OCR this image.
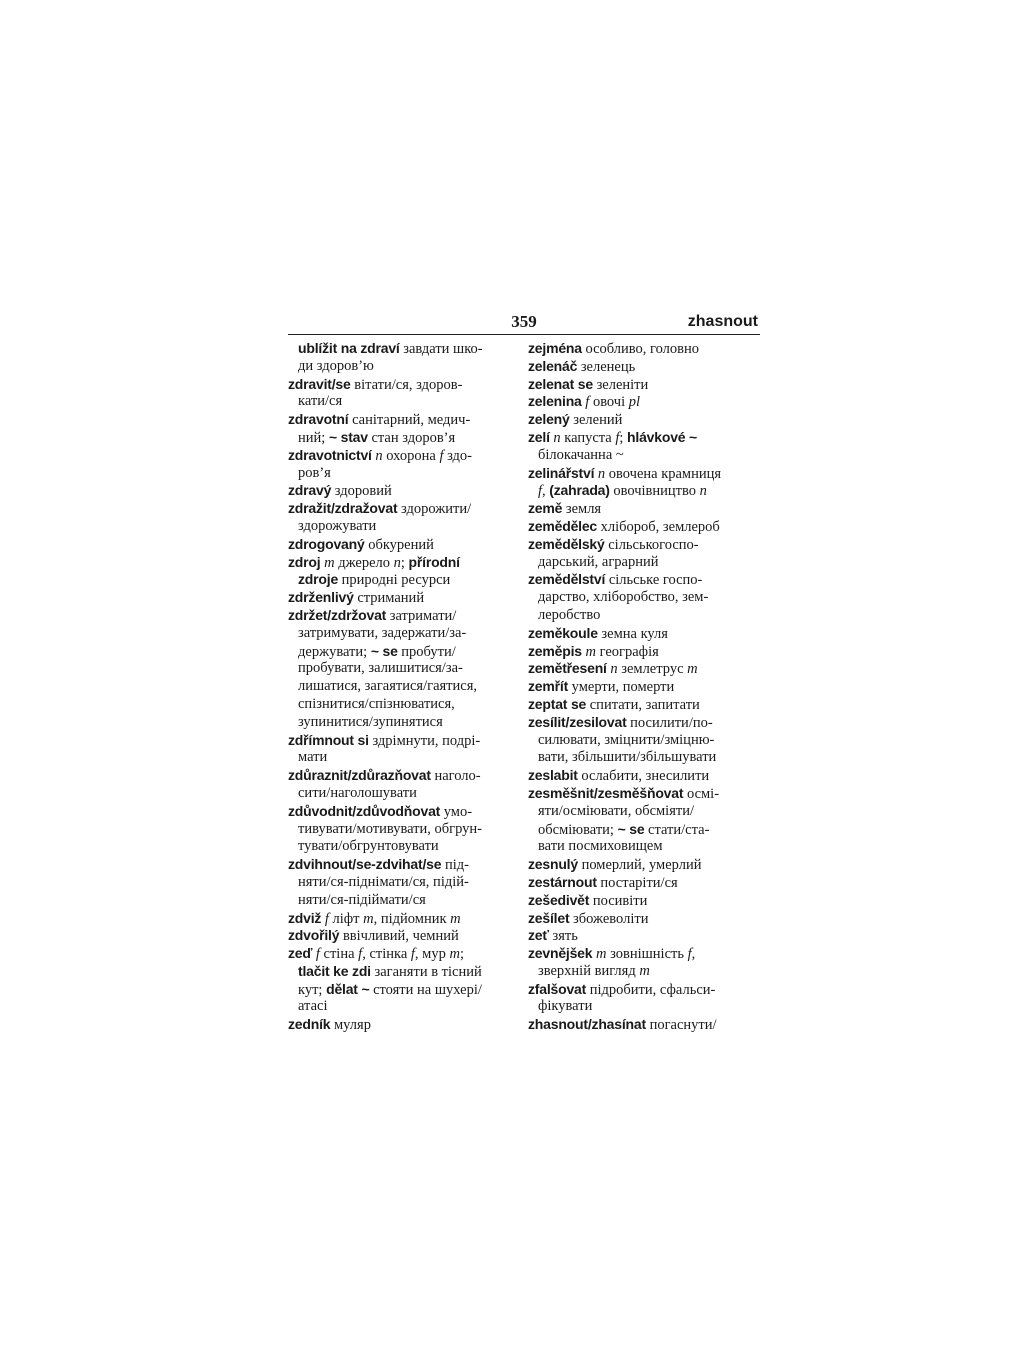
359	zhasnout
ublížit na zdraví завдати шко-
ди здоров’ю
zdravit/se вітати/ся, здоров-
кати/ся
zdravotní санітарний, медич-
ний; ~ stav стан здоров’я
zdravotnictví n охорона f здо-
ров’я
zdravý здоровий
zdražit/zdražovat здорожити/
здорожувати
zdrogovaný обкурений
zdroj m джерело n; přírodní
zdroje природні ресурси
zdrženlivý стриманий
zdržet/zdržovat затримати/
затримувати, задержати/за-
держувати; ~ se пробути/
пробувати, залишитися/за-
лишатися, загаятися/гаятися,
спізнитися/спізнюватися,
зупинитися/зупинятися
zdřímnout si здрімнути, подрі-
мати
zdůraznit/zdůrazňovat наголо-
сити/наголошувати
zdůvodnit/zdůvodňovat умо-
тивувати/мотивувати, обгрун-
тувати/обгрунтовувати
zdvihnout/se-zdvihat/se під-
няти/ся-піднімати/ся, підій-
няти/ся-підіймати/ся
zdviž f ліфт m, підйомник m
zdvořilý ввічливий, чемний
zeď f стіна f, стінка f, мур m;
tlačit ke zdi заганяти в тісний
кут; dělat ~ стояти на шухері/
атасі
zedník муляр
zejména особливо, головно
zelenáč зеленець
zelenat se зеленіти
zelenina f овочі pl
zelený зелений
zelí n капуста f; hlávkové ~
білокачанна ~
zelinářství n овочена крамниця
f, (zahrada) овочівництво n
země земля
zemědělec хлібороб, землероб
zemědělský сільськогоспо-
дарський, аграрний
zemědělství сільське госпо-
дарство, хліборобство, зем-
леробство
zeměkoule земна куля
zeměpis m географія
zemětřesení n землетрус m
zemřít умерти, померти
zeptat se спитати, запитати
zesílit/zesilovat посилити/по-
силювати, зміцнити/зміцню-
вати, збільшити/збільшувати
zeslabit ослабити, знесилити
zesměšnit/zesměšňovat осмі-
яти/осміювати, обсміяти/
обсміювати; ~ se стати/ста-
вати посмиховищем
zesnulý померлий, умерлий
zestárnout постаріти/ся
zešedivět посивіти
zešílet збожеволіти
zeť зять
zevnějšek m зовнішність f,
зверхній вигляд m
zfalšovat підробити, сфальси-
фікувати
zhasnout/zhasínat погаснути/
